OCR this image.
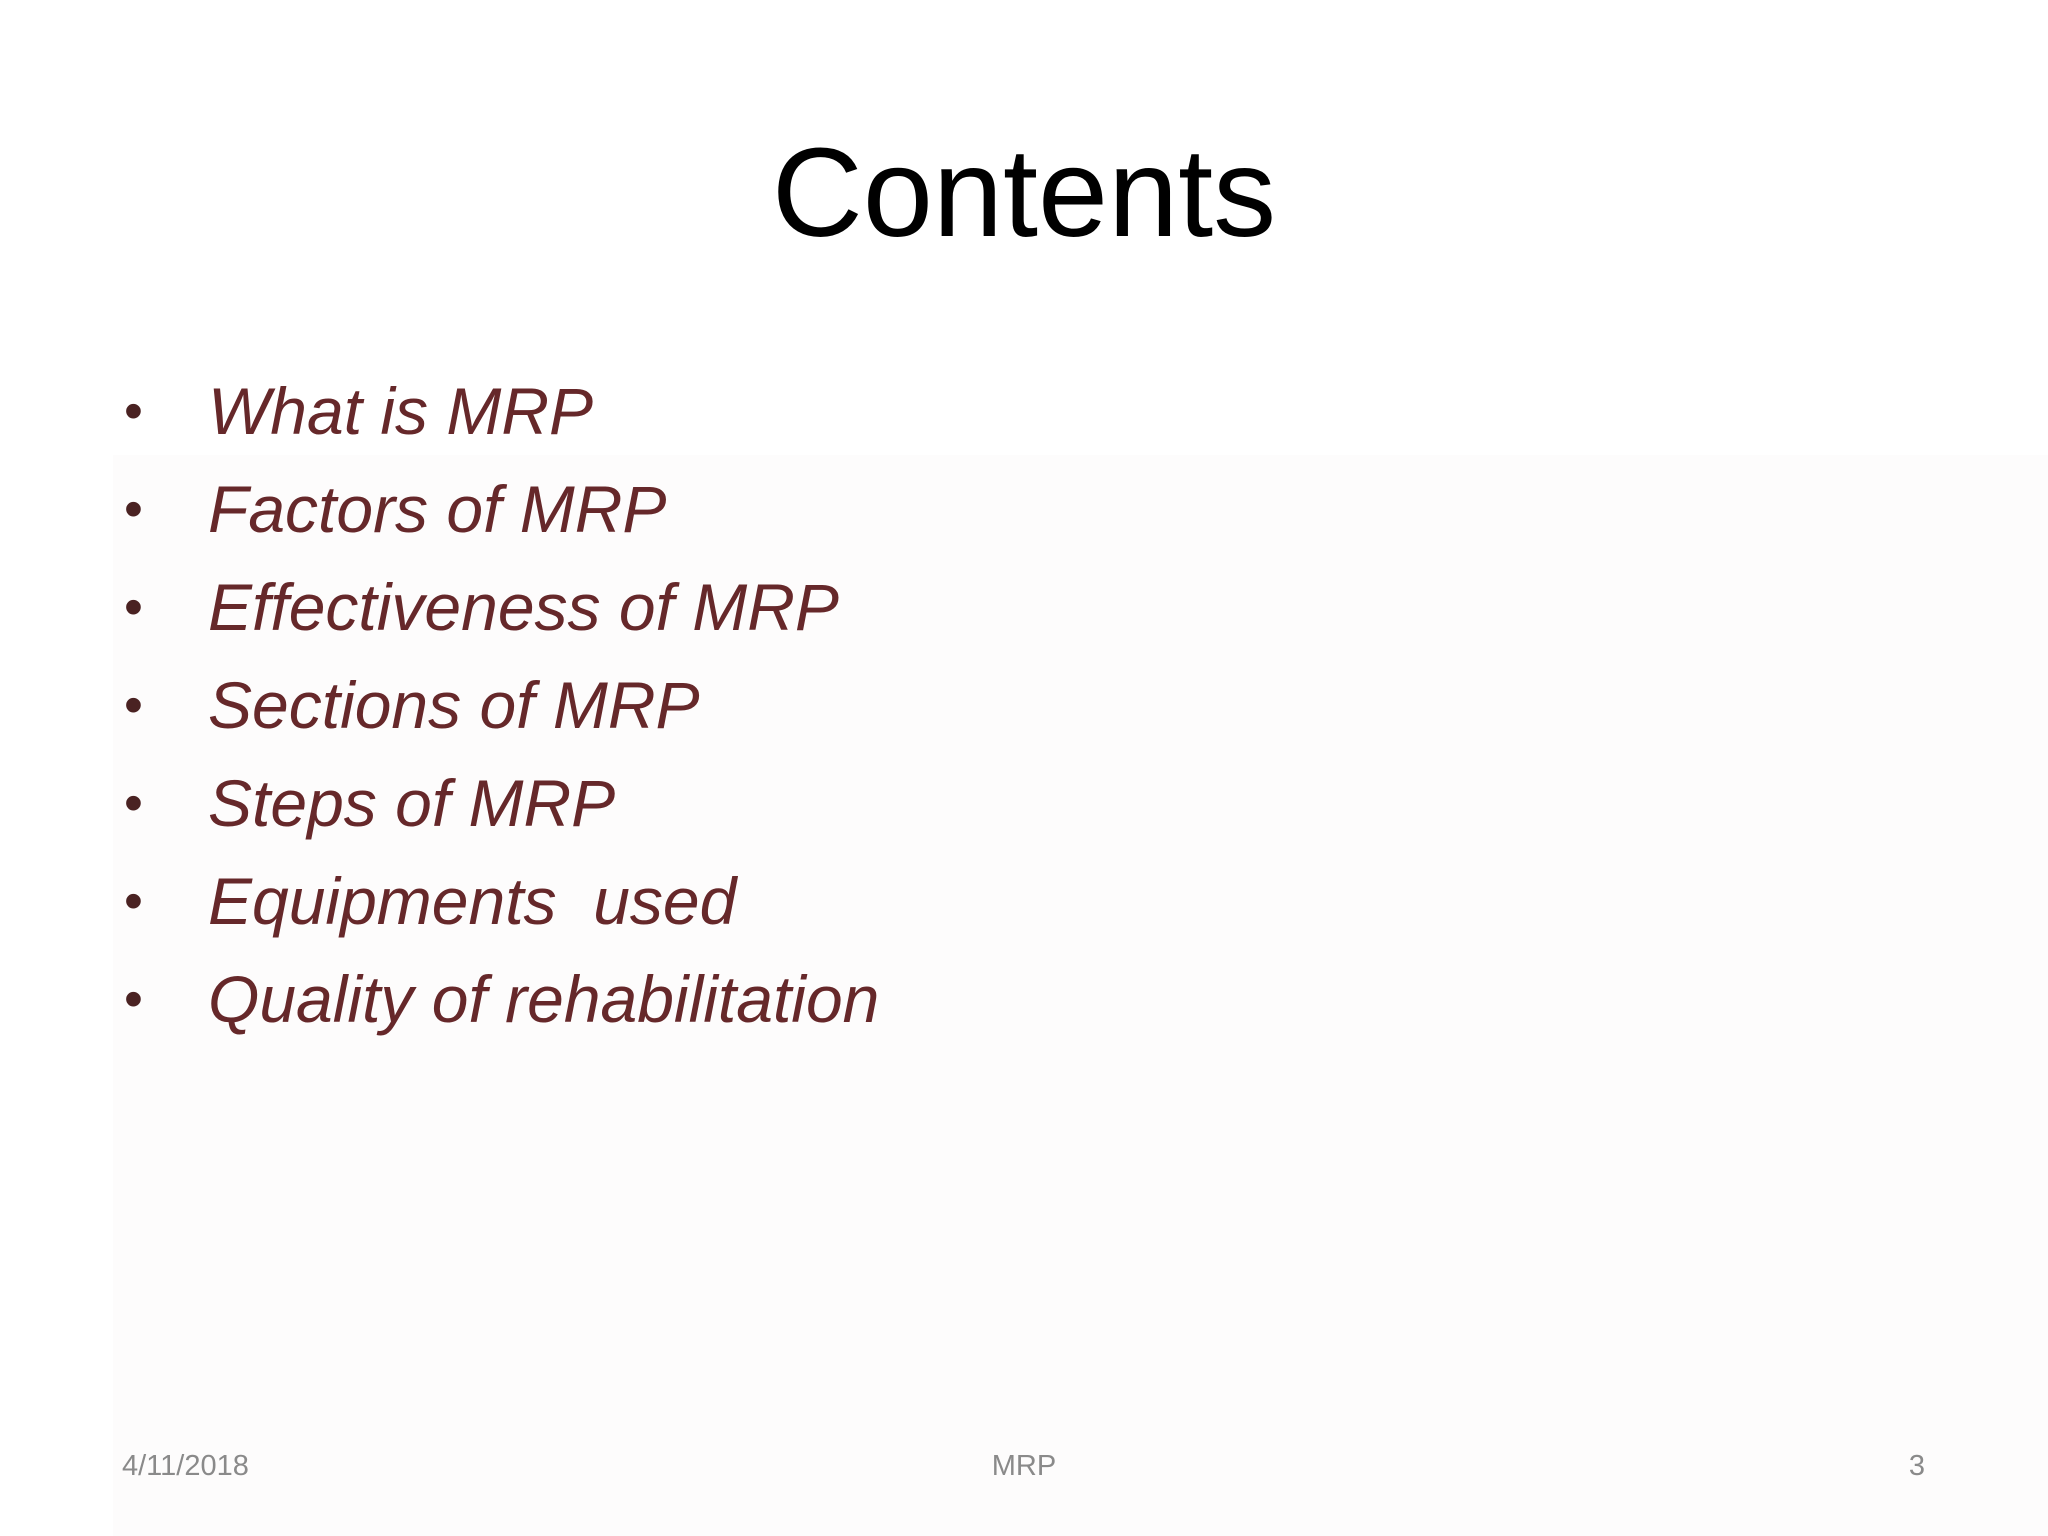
Contents
• What is MRP
• Factors of MRP
• Effectiveness of MRP
• Sections of MRP
• Steps of MRP
• Equipments  used
• Quality of rehabilitation
4/11/2018	MRP	3
